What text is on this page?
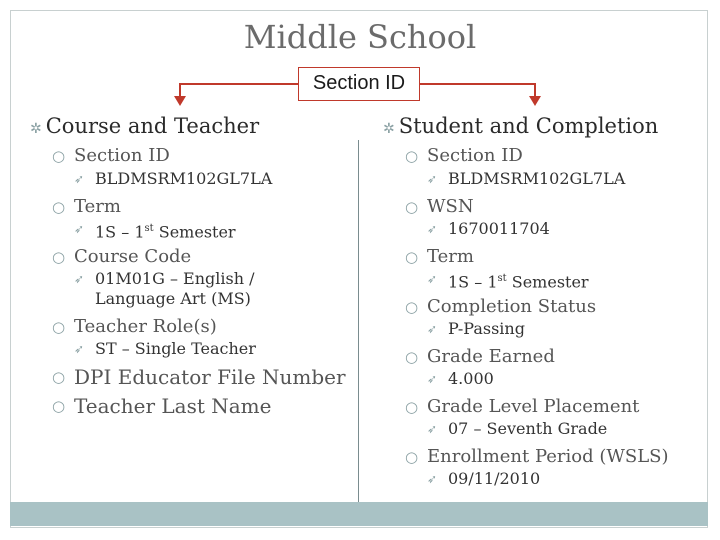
Middle School
Section ID
✲ Course and Teacher
○ Section ID
➶ BLDMSRM102GL7LA
○ Term
➶ 1S – 1st Semester
○ Course Code
➶ 01M01G – English /
Language Art (MS)
○ Teacher Role(s)
➶ ST – Single Teacher
○ DPI Educator File Number
○ Teacher Last Name
✲ Student and Completion
○ Section ID
➶ BLDMSRM102GL7LA
○ WSN
➶ 1670011704
○ Term
➶ 1S – 1st Semester
○ Completion Status
➶ P-Passing
○ Grade Earned
➶ 4.000
○ Grade Level Placement
➶ 07 – Seventh Grade
○ Enrollment Period (WSLS)
➶ 09/11/2010
